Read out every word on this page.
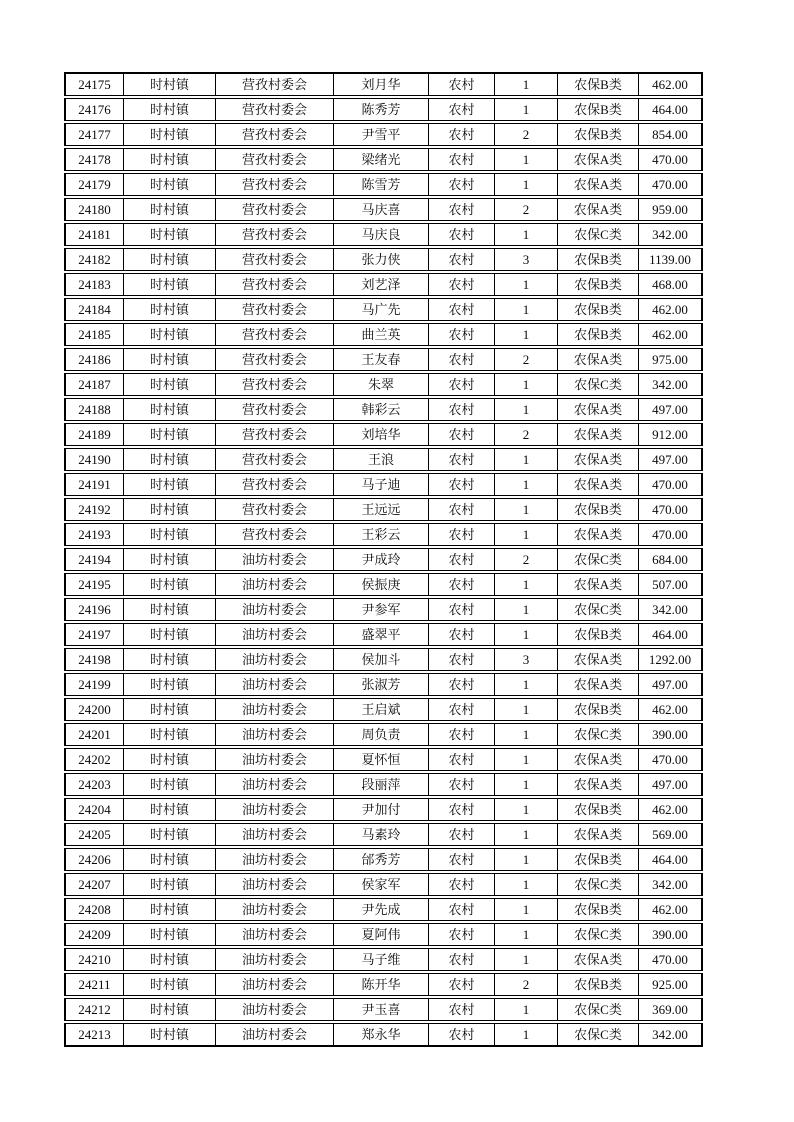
24175	时村镇	营孜村委会	刘月华	农村	1	农保B类	462.00
24176	时村镇	营孜村委会	陈秀芳	农村	1	农保B类	464.00
24177	时村镇	营孜村委会	尹雪平	农村	2	农保B类	854.00
24178	时村镇	营孜村委会	梁绪光	农村	1	农保A类	470.00
24179	时村镇	营孜村委会	陈雪芳	农村	1	农保A类	470.00
24180	时村镇	营孜村委会	马庆喜	农村	2	农保A类	959.00
24181	时村镇	营孜村委会	马庆良	农村	1	农保C类	342.00
24182	时村镇	营孜村委会	张力侠	农村	3	农保B类	1139.00
24183	时村镇	营孜村委会	刘艺泽	农村	1	农保B类	468.00
24184	时村镇	营孜村委会	马广先	农村	1	农保B类	462.00
24185	时村镇	营孜村委会	曲兰英	农村	1	农保B类	462.00
24186	时村镇	营孜村委会	王友春	农村	2	农保A类	975.00
24187	时村镇	营孜村委会	朱翠	农村	1	农保C类	342.00
24188	时村镇	营孜村委会	韩彩云	农村	1	农保A类	497.00
24189	时村镇	营孜村委会	刘培华	农村	2	农保A类	912.00
24190	时村镇	营孜村委会	王浪	农村	1	农保A类	497.00
24191	时村镇	营孜村委会	马子迪	农村	1	农保A类	470.00
24192	时村镇	营孜村委会	王远远	农村	1	农保B类	470.00
24193	时村镇	营孜村委会	王彩云	农村	1	农保A类	470.00
24194	时村镇	油坊村委会	尹成玲	农村	2	农保C类	684.00
24195	时村镇	油坊村委会	侯振庚	农村	1	农保A类	507.00
24196	时村镇	油坊村委会	尹参军	农村	1	农保C类	342.00
24197	时村镇	油坊村委会	盛翠平	农村	1	农保B类	464.00
24198	时村镇	油坊村委会	侯加斗	农村	3	农保A类	1292.00
24199	时村镇	油坊村委会	张淑芳	农村	1	农保A类	497.00
24200	时村镇	油坊村委会	王启斌	农村	1	农保B类	462.00
24201	时村镇	油坊村委会	周负责	农村	1	农保C类	390.00
24202	时村镇	油坊村委会	夏怀恒	农村	1	农保A类	470.00
24203	时村镇	油坊村委会	段丽萍	农村	1	农保A类	497.00
24204	时村镇	油坊村委会	尹加付	农村	1	农保B类	462.00
24205	时村镇	油坊村委会	马素玲	农村	1	农保A类	569.00
24206	时村镇	油坊村委会	邰秀芳	农村	1	农保B类	464.00
24207	时村镇	油坊村委会	侯家军	农村	1	农保C类	342.00
24208	时村镇	油坊村委会	尹先成	农村	1	农保B类	462.00
24209	时村镇	油坊村委会	夏阿伟	农村	1	农保C类	390.00
24210	时村镇	油坊村委会	马子维	农村	1	农保A类	470.00
24211	时村镇	油坊村委会	陈开华	农村	2	农保B类	925.00
24212	时村镇	油坊村委会	尹玉喜	农村	1	农保C类	369.00
24213	时村镇	油坊村委会	郑永华	农村	1	农保C类	342.00
